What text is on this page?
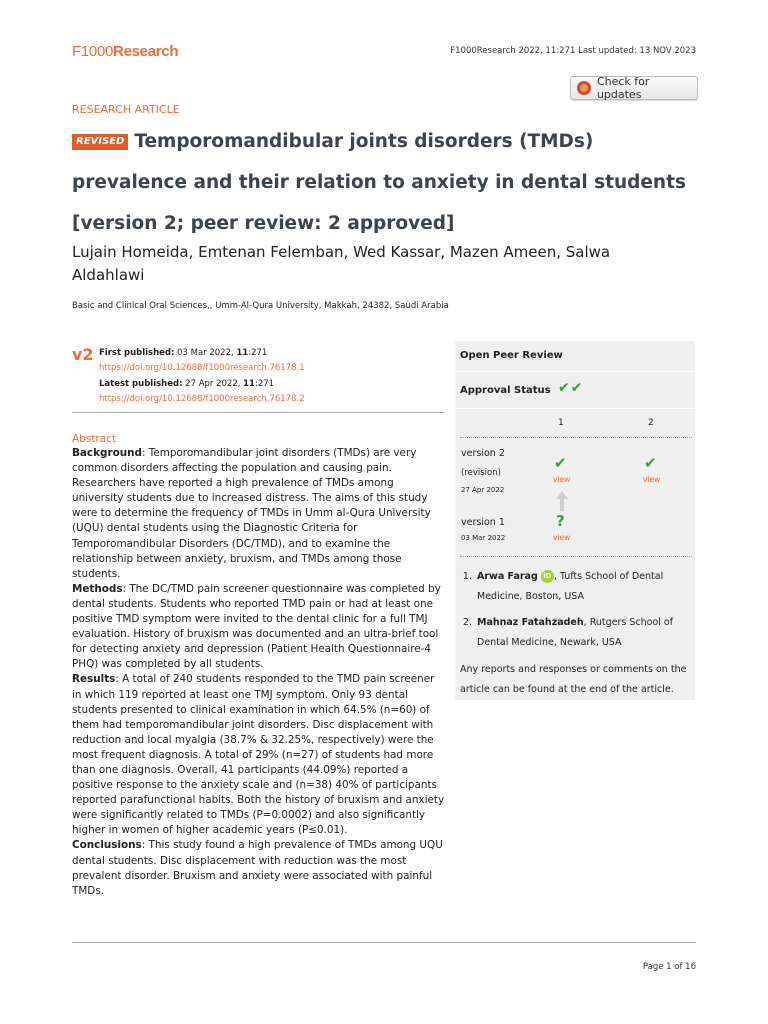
F1000Research	F1000Research 2022, 11:271 Last updated: 13 NOV 2023
Check for updates
RESEARCH ARTICLE
REVISED Temporomandibular joints disorders (TMDs) prevalence and their relation to anxiety in dental students [version 2; peer review: 2 approved]
Lujain Homeida, Emtenan Felemban, Wed Kassar, Mazen Ameen, Salwa Aldahlawi
Basic and Clinical Oral Sciences,, Umm-Al-Qura University, Makkah, 24382, Saudi Arabia
v2 First published: 03 Mar 2022, 11:271
https://doi.org/10.12688/f1000research.76178.1
Latest published: 27 Apr 2022, 11:271
https://doi.org/10.12688/f1000research.76178.2
Abstract

Background: Temporomandibular joint disorders (TMDs) are very common disorders affecting the population and causing pain. Researchers have reported a high prevalence of TMDs among university students due to increased distress. The aims of this study were to determine the frequency of TMDs in Umm al-Qura University (UQU) dental students using the Diagnostic Criteria for Temporomandibular Disorders (DC/TMD), and to examine the relationship between anxiety, bruxism, and TMDs among those students.

Methods: The DC/TMD pain screener questionnaire was completed by dental students. Students who reported TMD pain or had at least one positive TMD symptom were invited to the dental clinic for a full TMJ evaluation. History of bruxism was documented and an ultra-brief tool for detecting anxiety and depression (Patient Health Questionnaire-4 PHQ) was completed by all students.

Results: A total of 240 students responded to the TMD pain screener in which 119 reported at least one TMJ symptom. Only 93 dental students presented to clinical examination in which 64.5% (n=60) of them had temporomandibular joint disorders. Disc displacement with reduction and local myalgia (38.7% & 32.25%, respectively) were the most frequent diagnosis. A total of 29% (n=27) of students had more than one diagnosis. Overall, 41 participants (44.09%) reported a positive response to the anxiety scale and (n=38) 40% of participants reported parafunctional habits. Both the history of bruxism and anxiety were significantly related to TMDs (P=0.0002) and also significantly higher in women of higher academic years (P≤0.01).

Conclusions: This study found a high prevalence of TMDs among UQU dental students. Disc displacement with reduction was the most prevalent disorder. Bruxism and anxiety were associated with painful TMDs.

Open Peer Review
Approval Status ✔✔
1	2
version 2
(revision)
27 Apr 2022
✔
view
✔
view
version 1
03 Mar 2022
?
view
1. Arwa Farag iD , Tufts School of Dental Medicine, Boston, USA
2. Mahnaz Fatahzadeh, Rutgers School of Dental Medicine, Newark, USA
Any reports and responses or comments on the article can be found at the end of the article.
Page 1 of 16
